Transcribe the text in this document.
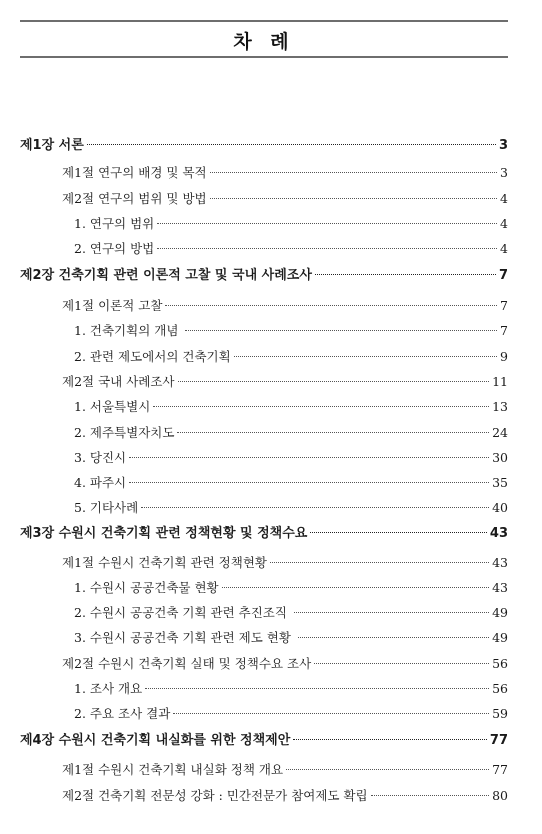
차 례
제1장 서론	3
제1절 연구의 배경 및 목적	3
제2절 연구의 범위 및 방법	4
1. 연구의 범위	4
2. 연구의 방법	4
제2장 건축기획 관련 이론적 고찰 및 국내 사례조사	7
제1절 이론적 고찰	7
1. 건축기획의 개념	7
2. 관련 제도에서의 건축기획	9
제2절 국내 사례조사	11
1. 서울특별시	13
2. 제주특별자치도	24
3. 당진시	30
4. 파주시	35
5. 기타사례	40
제3장 수원시 건축기획 관련 정책현황 및 정책수요	43
제1절 수원시 건축기획 관련 정책현황	43
1. 수원시 공공건축물 현황	43
2. 수원시 공공건축 기획 관련 추진조직	49
3. 수원시 공공건축 기획 관련 제도 현황	49
제2절 수원시 건축기획 실태 및 정책수요 조사	56
1. 조사 개요	56
2. 주요 조사 결과	59
제4장 수원시 건축기획 내실화를 위한 정책제안	77
제1절 수원시 건축기획 내실화 정책 개요	77
제2절 건축기획 전문성 강화 : 민간전문가 참여제도 확립	80
